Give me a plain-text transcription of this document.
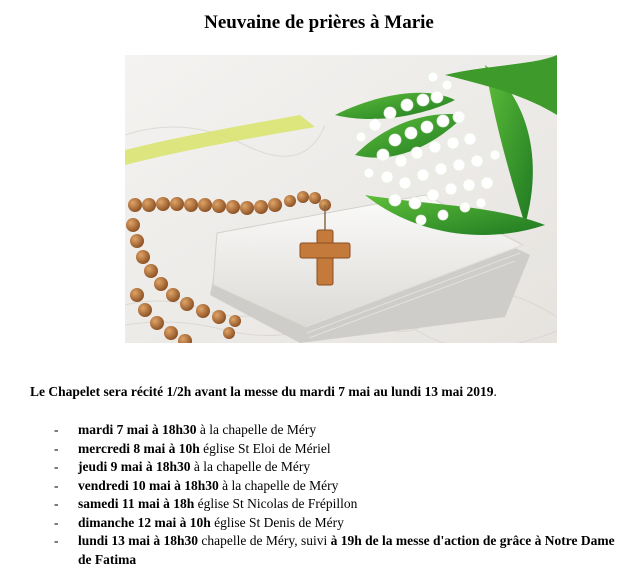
Neuvaine de prières à Marie
Le Chapelet sera récité 1/2h avant la messe du mardi 7 mai au lundi 13 mai 2019.
- mardi 7 mai à 18h30 à la chapelle de Méry
- mercredi 8 mai à 10h église St Eloi de Mériel
- jeudi 9 mai à 18h30 à la chapelle de Méry
- vendredi 10 mai à 18h30 à la chapelle de Méry
- samedi 11 mai à 18h église St Nicolas de Frépillon
- dimanche 12 mai à 10h église St Denis de Méry
- lundi 13 mai à 18h30 chapelle de Méry, suivi à 19h de la messe d'action de grâce à Notre Dame de Fatima
